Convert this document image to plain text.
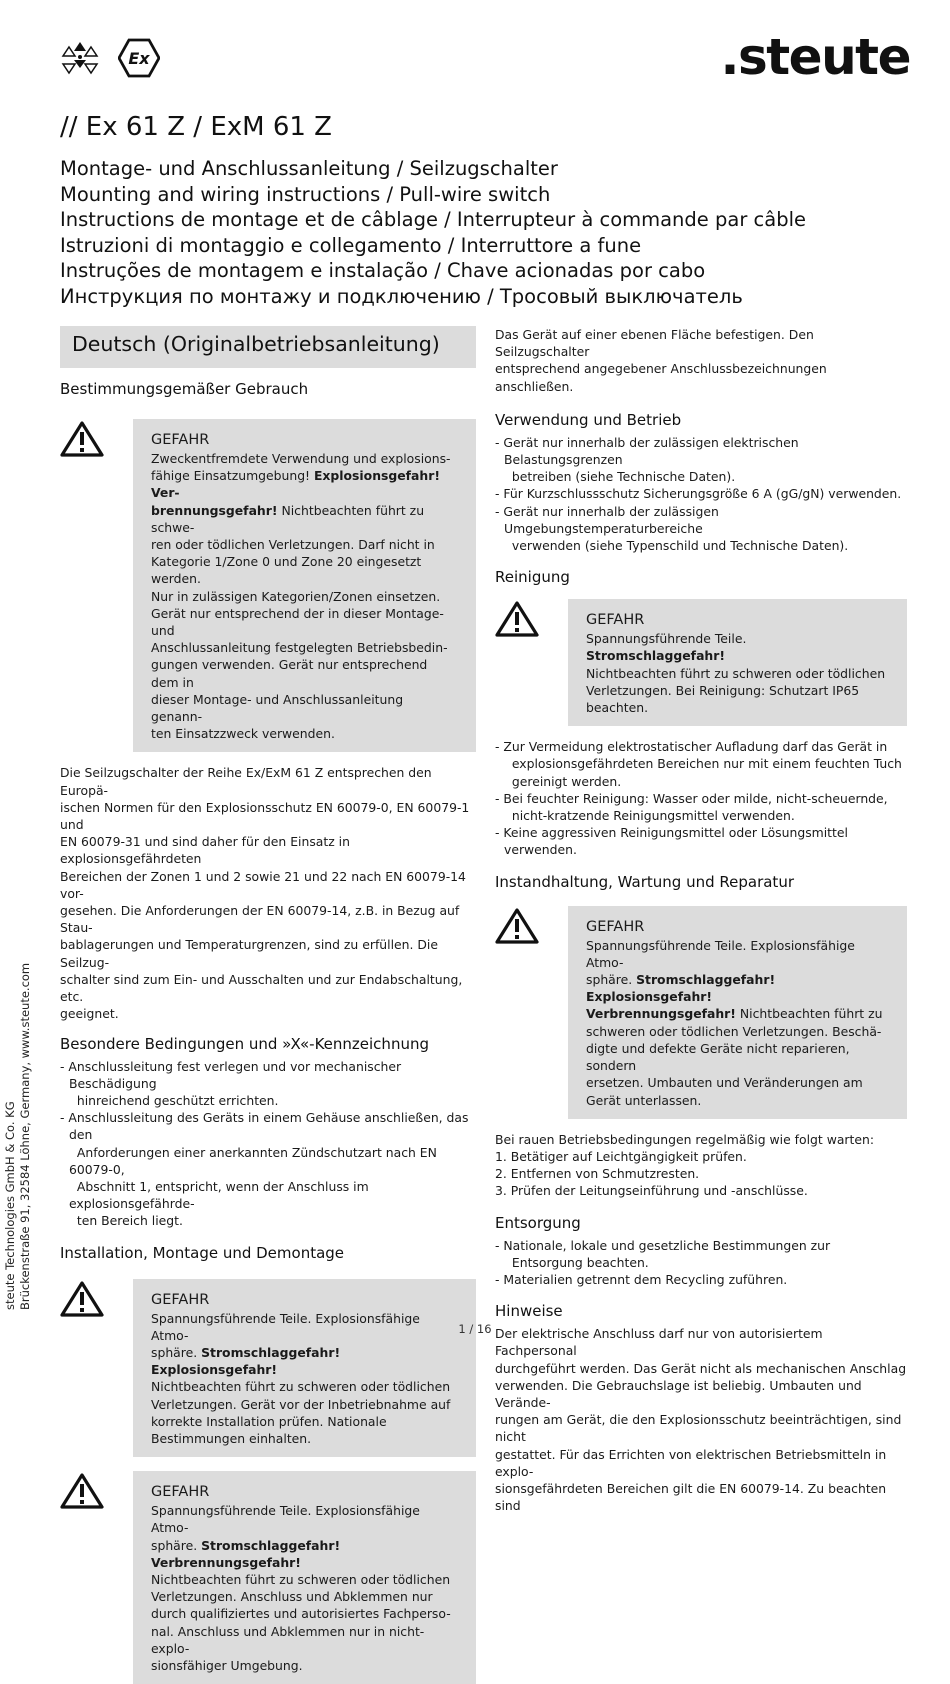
Ex	.steute
// Ex 61 Z / ExM 61 Z
Montage- und Anschlussanleitung / Seilzugschalter
Mounting and wiring instructions / Pull-wire switch
Instructions de montage et de câblage / Interrupteur à commande par câble
Istruzioni di montaggio e collegamento / Interruttore a fune
Instruções de montagem e instalação / Chave acionadas por cabo
Инструкция по монтажу и подключению / Тросовый выключатель
Deutsch (Originalbetriebsanleitung)
Bestimmungsgemäßer Gebrauch
GEFAHR

Zweckentfremdete Verwendung und explosions-
fähige Einsatzumgebung! Explosionsgefahr! Ver-
brennungsgefahr! Nichtbeachten führt zu schwe-
ren oder tödlichen Verletzungen. Darf nicht in
Kategorie 1/Zone 0 und Zone 20 eingesetzt werden.
Nur in zulässigen Kategorien/Zonen einsetzen.
Gerät nur entsprechend der in dieser Montage- und
Anschlussanleitung festgelegten Betriebsbedin-
gungen verwenden. Gerät nur entsprechend dem in
dieser Montage- und Anschlussanleitung genann-
ten Einsatzzweck verwenden.

Die Seilzugschalter der Reihe Ex/ExM 61 Z entsprechen den Europä-
ischen Normen für den Explosionsschutz EN 60079-0, EN 60079-1 und
EN 60079-31 und sind daher für den Einsatz in explosionsgefährdeten
Bereichen der Zonen 1 und 2 sowie 21 und 22 nach EN 60079-14 vor-
gesehen. Die Anforderungen der EN 60079-14, z.B. in Bezug auf Stau-
bablagerungen und Temperaturgrenzen, sind zu erfüllen. Die Seilzug-
schalter sind zum Ein- und Ausschalten und zur Endabschaltung, etc.
geeignet.

Besondere Bedingungen und »X«-Kennzeichnung
- Anschlussleitung fest verlegen und vor mechanischer Beschädigung
hinreichend geschützt errichten.
- Anschlussleitung des Geräts in einem Gehäuse anschließen, das den
Anforderungen einer anerkannten Zündschutzart nach EN 60079-0,
Abschnitt 1, entspricht, wenn der Anschluss im explosionsgefährde-
ten Bereich liegt.
Installation, Montage und Demontage
GEFAHR

Spannungsführende Teile. Explosionsfähige Atmo-
sphäre. Stromschlaggefahr! Explosionsgefahr!
Nichtbeachten führt zu schweren oder tödlichen
Verletzungen. Gerät vor der Inbetriebnahme auf
korrekte Installation prüfen. Nationale
Bestimmungen einhalten.

GEFAHR

Spannungsführende Teile. Explosionsfähige Atmo-
sphäre. Stromschlaggefahr! Verbrennungsgefahr!
Nichtbeachten führt zu schweren oder tödlichen
Verletzungen. Anschluss und Abklemmen nur
durch qualifiziertes und autorisiertes Fachperso-
nal. Anschluss und Abklemmen nur in nicht-explo-
sionsfähiger Umgebung.

Das Gerät auf einer ebenen Fläche befestigen. Den Seilzugschalter
entsprechend angegebener Anschlussbezeichnungen anschließen.

Verwendung und Betrieb
- Gerät nur innerhalb der zulässigen elektrischen Belastungsgrenzen
betreiben (siehe Technische Daten).
- Für Kurzschlussschutz Sicherungsgröße 6 A (gG/gN) verwenden.
- Gerät nur innerhalb der zulässigen Umgebungstemperaturbereiche
verwenden (siehe Typenschild und Technische Daten).
Reinigung
GEFAHR

Spannungsführende Teile. Stromschlaggefahr!
Nichtbeachten führt zu schweren oder tödlichen
Verletzungen. Bei Reinigung: Schutzart IP65
beachten.

- Zur Vermeidung elektrostatischer Aufladung darf das Gerät in
explosionsgefährdeten Bereichen nur mit einem feuchten Tuch
gereinigt werden.
- Bei feuchter Reinigung: Wasser oder milde, nicht-scheuernde,
nicht-kratzende Reinigungsmittel verwenden.
- Keine aggressiven Reinigungsmittel oder Lösungsmittel verwenden.
Instandhaltung, Wartung und Reparatur
GEFAHR

Spannungsführende Teile. Explosionsfähige Atmo-
sphäre. Stromschlaggefahr! Explosionsgefahr!
Verbrennungsgefahr! Nichtbeachten führt zu
schweren oder tödlichen Verletzungen. Beschä-
digte und defekte Geräte nicht reparieren, sondern
ersetzen. Umbauten und Veränderungen am
Gerät unterlassen.

Bei rauen Betriebsbedingungen regelmäßig wie folgt warten:

1. Betätiger auf Leichtgängigkeit prüfen.
2. Entfernen von Schmutzresten.
3. Prüfen der Leitungseinführung und -anschlüsse.
Entsorgung
- Nationale, lokale und gesetzliche Bestimmungen zur
Entsorgung beachten.
- Materialien getrennt dem Recycling zuführen.
Hinweise

Der elektrische Anschluss darf nur von autorisiertem Fachpersonal
durchgeführt werden. Das Gerät nicht als mechanischen Anschlag
verwenden. Die Gebrauchslage ist beliebig. Umbauten und Verände-
rungen am Gerät, die den Explosionsschutz beeinträchtigen, sind nicht
gestattet. Für das Errichten von elektrischen Betriebsmitteln in explo-
sionsgefährdeten Bereichen gilt die EN 60079-14. Zu beachten sind

steute Technologies GmbH & Co. KG Brückenstraße 91, 32584 Löhne, Germany, www.steute.com
1 / 16
